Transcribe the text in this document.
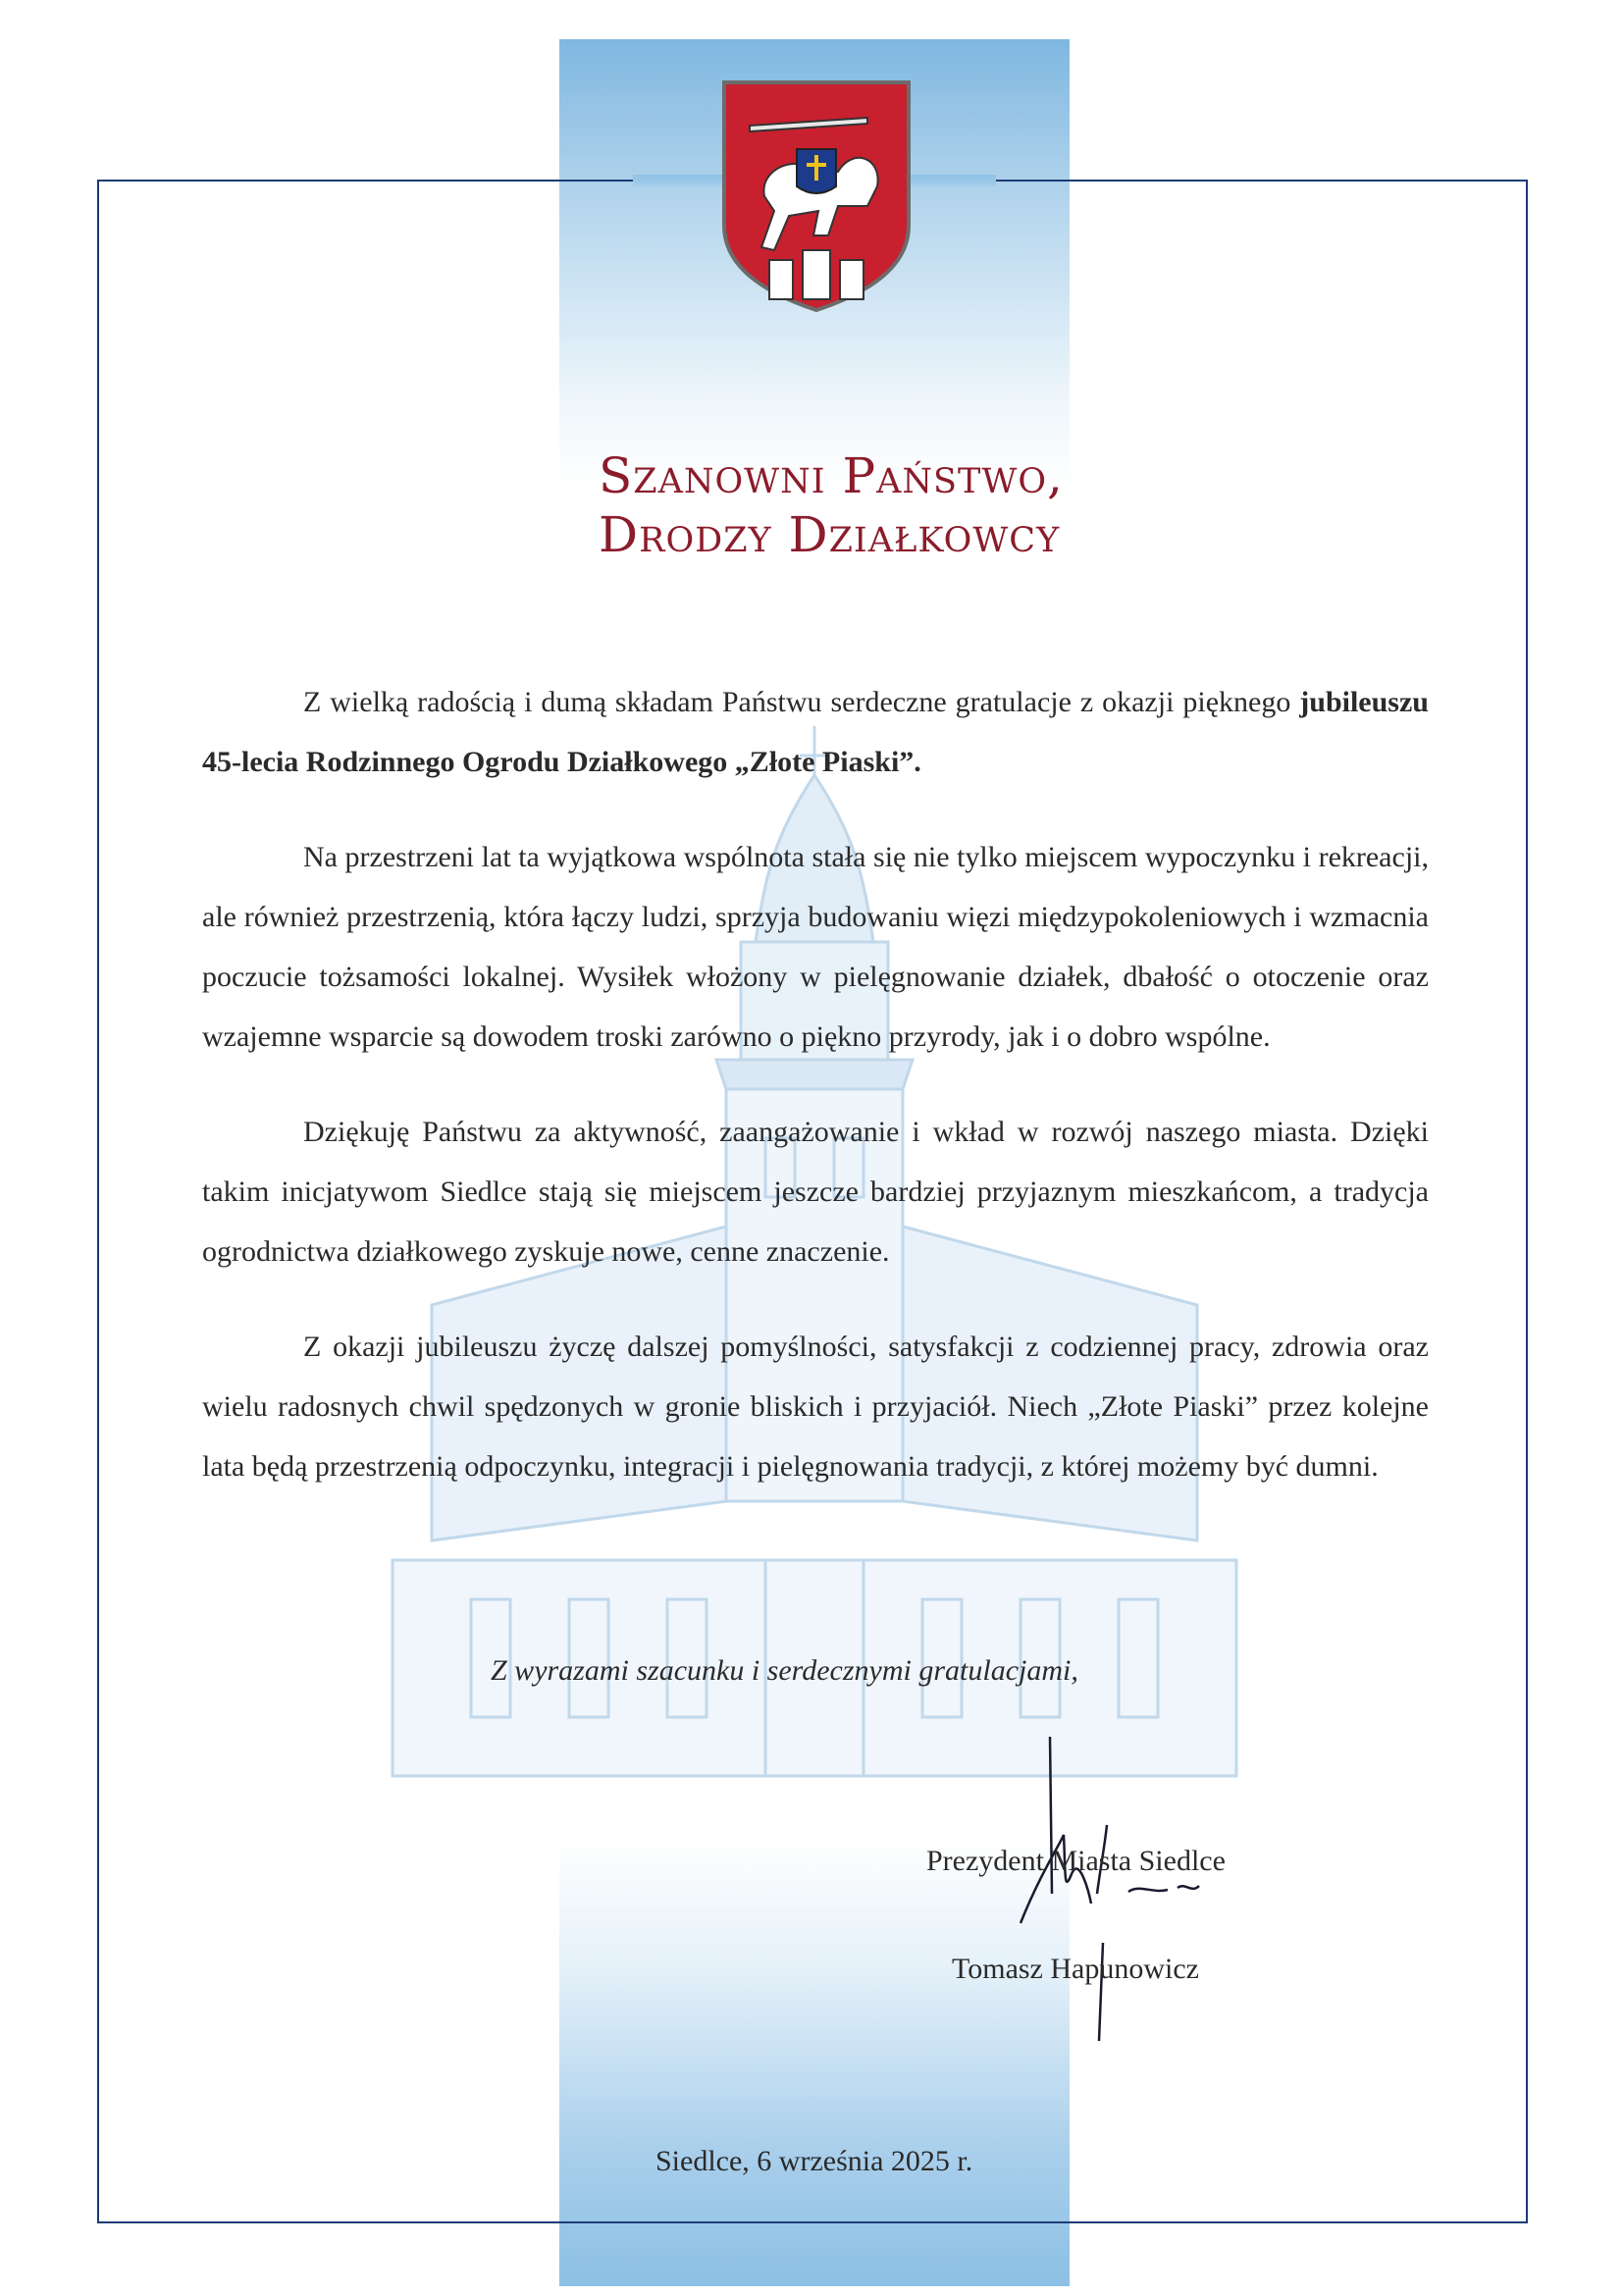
Szanowni Państwo,
Drodzy Działkowcy

Z wielką radością i dumą składam Państwu serdeczne gratulacje z okazji pięknego jubileuszu 45-lecia Rodzinnego Ogrodu Działkowego „Złote Piaski”.

Na przestrzeni lat ta wyjątkowa wspólnota stała się nie tylko miejscem wypoczynku i rekreacji, ale również przestrzenią, która łączy ludzi, sprzyja budowaniu więzi międzypokoleniowych i wzmacnia poczucie tożsamości lokalnej. Wysiłek włożony w pielęgnowanie działek, dbałość o otoczenie oraz wzajemne wsparcie są dowodem troski zarówno o piękno przyrody, jak i o dobro wspólne.

Dziękuję Państwu za aktywność, zaangażowanie i wkład w rozwój naszego miasta. Dzięki takim inicjatywom Siedlce stają się miejscem jeszcze bardziej przyjaznym mieszkańcom, a tradycja ogrodnictwa działkowego zyskuje nowe, cenne znaczenie.

Z okazji jubileuszu życzę dalszej pomyślności, satysfakcji z codziennej pracy, zdrowia oraz wielu radosnych chwil spędzonych w gronie bliskich i przyjaciół. Niech „Złote Piaski” przez kolejne lata będą przestrzenią odpoczynku, integracji i pielęgnowania tradycji, z której możemy być dumni.

Z wyrazami szacunku i serdecznymi gratulacjami,
Prezydent Miasta Siedlce
Tomasz Hapunowicz
Siedlce, 6 września 2025 r.
